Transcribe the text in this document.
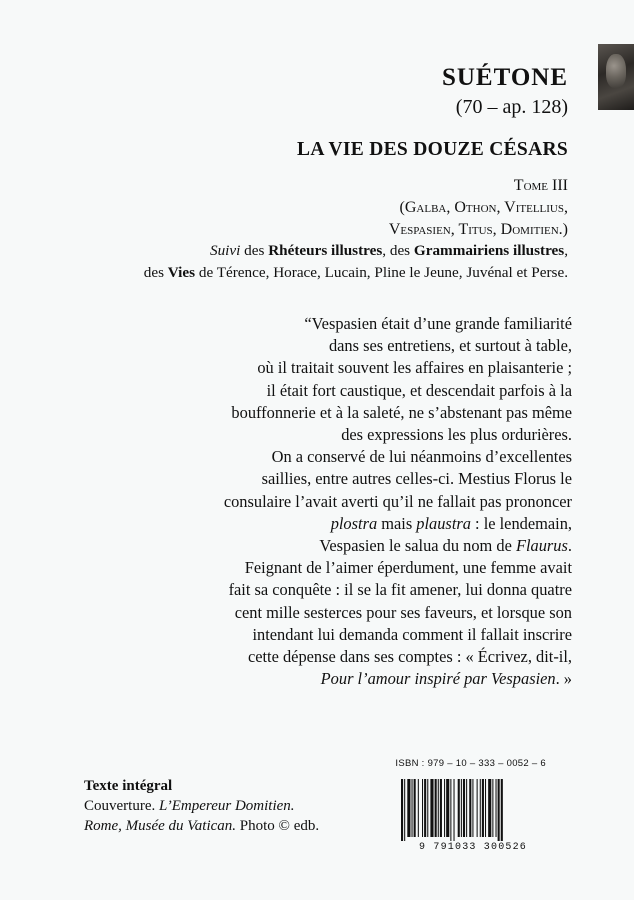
SUÉTONE
(70 – ap. 128)
LA VIE DES DOUZE CÉSARS
Tome III
(Galba, Othon, Vitellius,
Vespasien, Titus, Domitien.)
Suivi des Rhéteurs illustres, des Grammairiens illustres,
des Vies de Térence, Horace, Lucain, Pline le Jeune, Juvénal et Perse.
“Vespasien était d’une grande familiarité
dans ses entretiens, et surtout à table,
où il traitait souvent les affaires en plaisanterie ;
il était fort caustique, et descendait parfois à la
bouffonnerie et à la saleté, ne s’abstenant pas même
des expressions les plus ordurières.
On a conservé de lui néanmoins d’excellentes
saillies, entre autres celles-ci. Mestius Florus le
consulaire l’avait averti qu’il ne fallait pas prononcer
plostra mais plaustra : le lendemain,
Vespasien le salua du nom de Flaurus.
Feignant de l’aimer éperdument, une femme avait
fait sa conquête : il se la fit amener, lui donna quatre
cent mille sesterces pour ses faveurs, et lorsque son
intendant lui demanda comment il fallait inscrire
cette dépense dans ses comptes : « Écrivez, dit-il,
Pour l’amour inspiré par Vespasien. »
ISBN : 979 – 10 – 333 – 0052 – 6
9 791033 300526
Texte intégral
Couverture. L’Empereur Domitien.
Rome, Musée du Vatican. Photo © edb.
